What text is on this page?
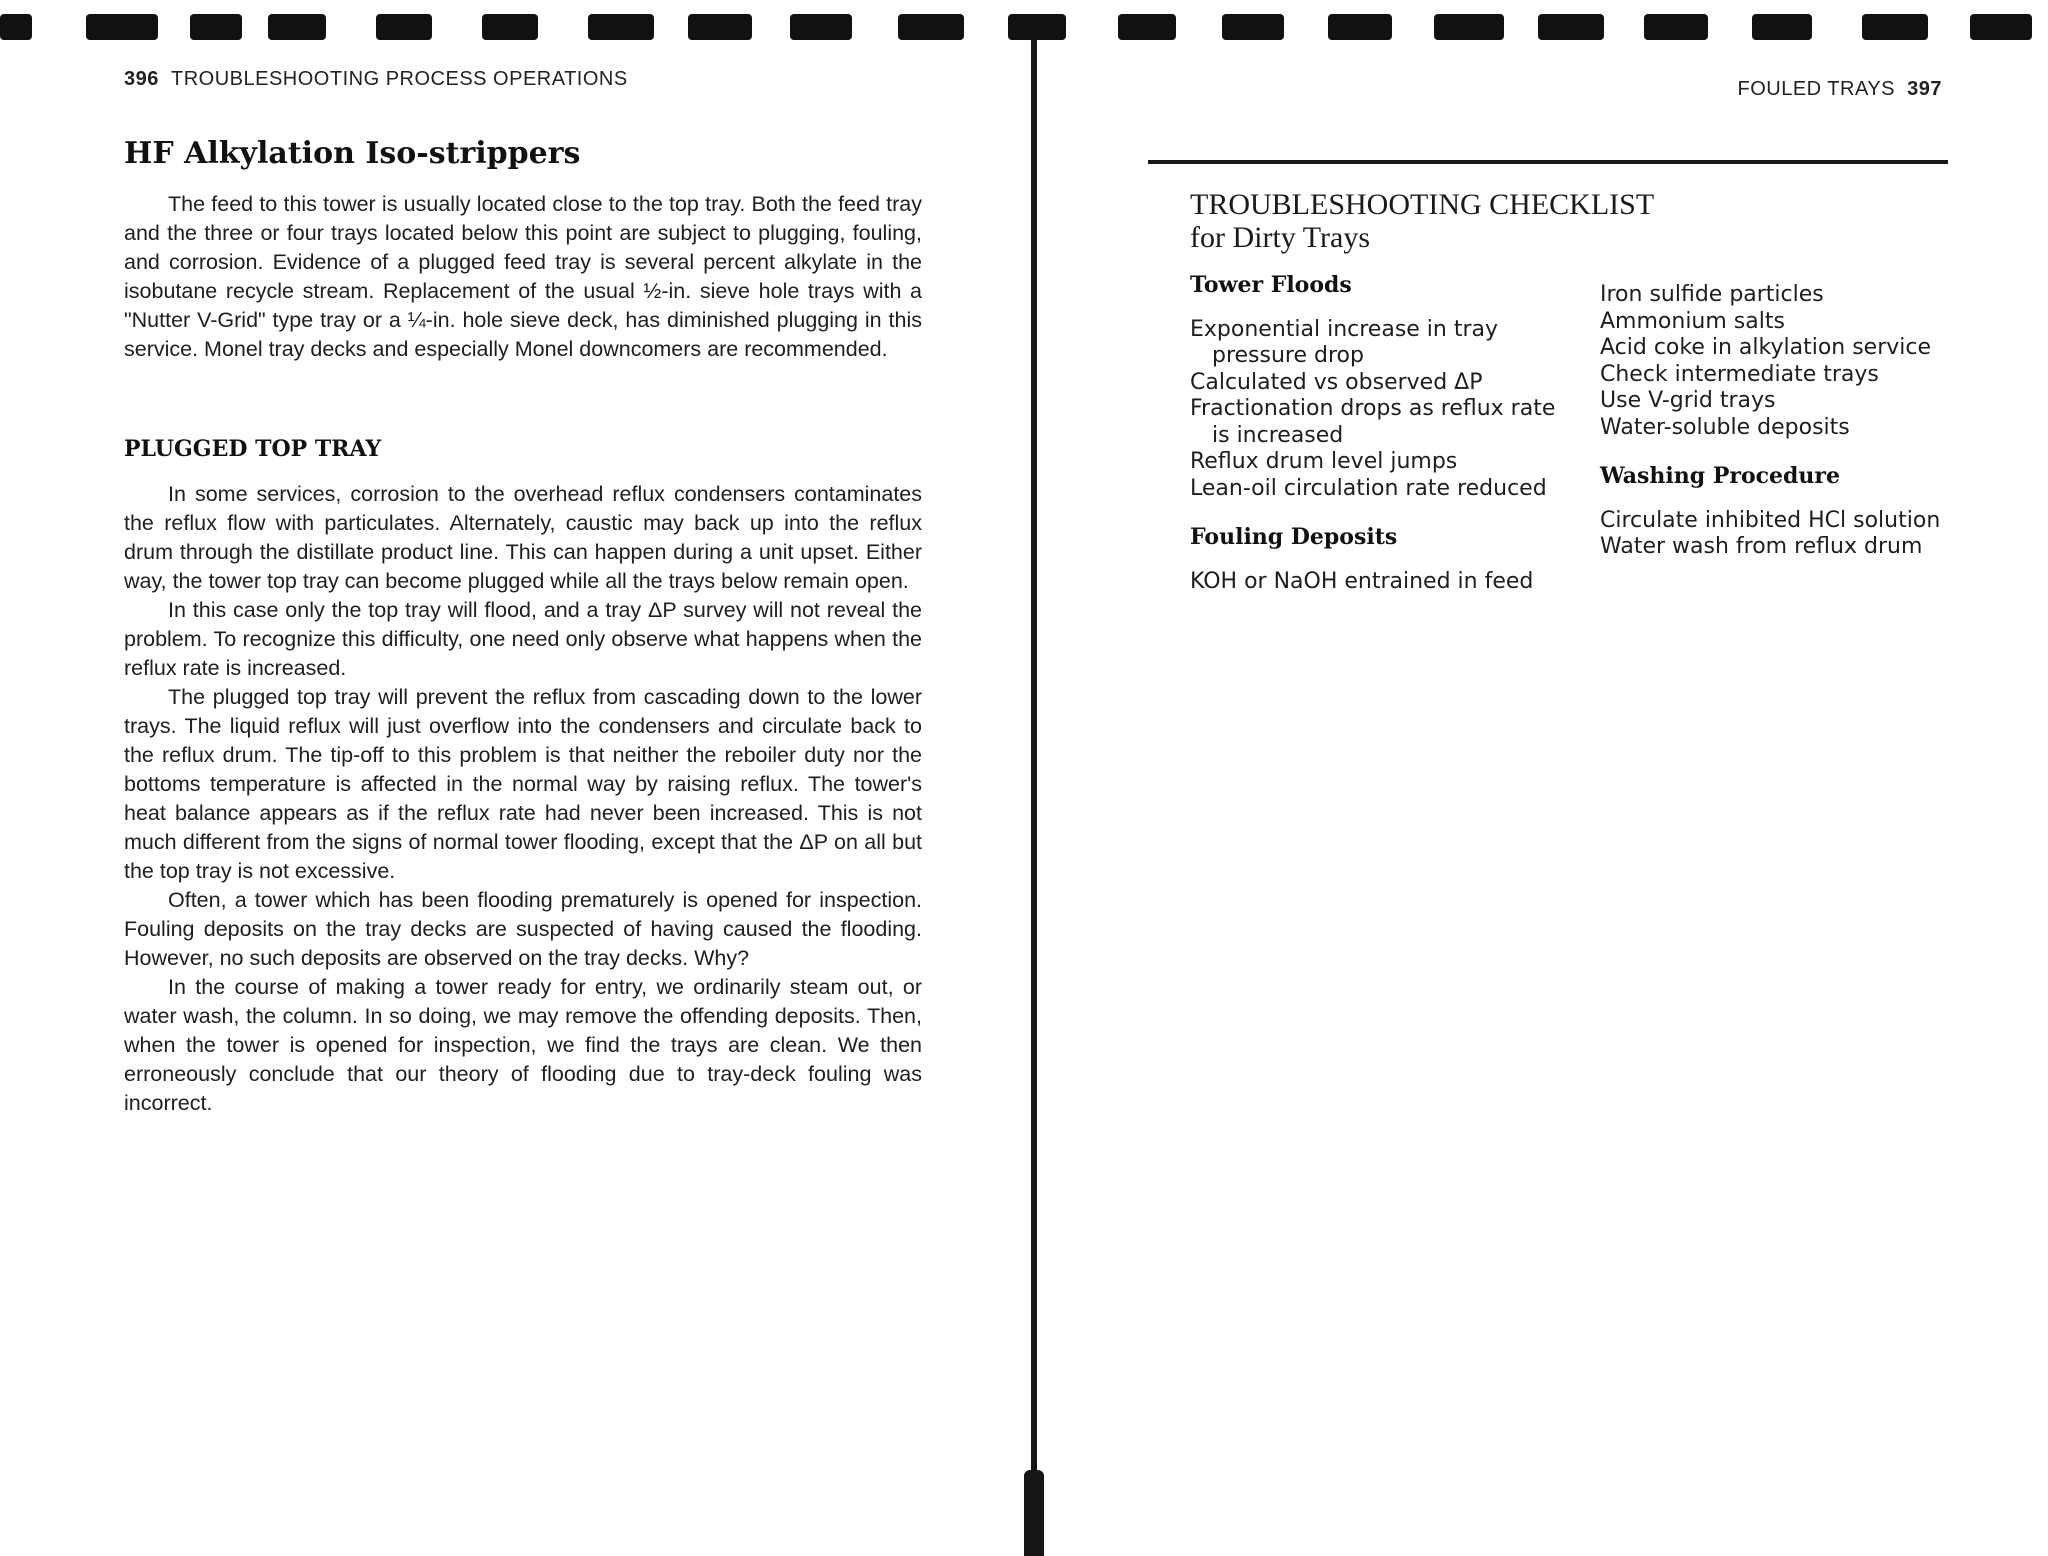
396 TROUBLESHOOTING PROCESS OPERATIONS
HF Alkylation Iso-strippers

The feed to this tower is usually located close to the top tray. Both the feed tray and the three or four trays located below this point are subject to plugging, fouling, and corrosion. Evidence of a plugged feed tray is several percent alkylate in the isobutane recycle stream. Replacement of the usual ½-in. sieve hole trays with a "Nutter V-Grid" type tray or a ¼-in. hole sieve deck, has diminished plugging in this service. Monel tray decks and especially Monel downcomers are recommended.

PLUGGED TOP TRAY

In some services, corrosion to the overhead reflux condensers contaminates the reflux flow with particulates. Alternately, caustic may back up into the reflux drum through the distillate product line. This can happen during a unit upset. Either way, the tower top tray can become plugged while all the trays below remain open.

In this case only the top tray will flood, and a tray ΔP survey will not reveal the problem. To recognize this difficulty, one need only observe what happens when the reflux rate is increased.

The plugged top tray will prevent the reflux from cascading down to the lower trays. The liquid reflux will just overflow into the condensers and circulate back to the reflux drum. The tip-off to this problem is that neither the reboiler duty nor the bottoms temperature is affected in the normal way by raising reflux. The tower's heat balance appears as if the reflux rate had never been increased. This is not much different from the signs of normal tower flooding, except that the ΔP on all but the top tray is not excessive.

Often, a tower which has been flooding prematurely is opened for inspection. Fouling deposits on the tray decks are suspected of having caused the flooding. However, no such deposits are observed on the tray decks. Why?

In the course of making a tower ready for entry, we ordinarily steam out, or water wash, the column. In so doing, we may remove the offending deposits. Then, when the tower is opened for inspection, we find the trays are clean. We then erroneously conclude that our theory of flooding due to tray-deck fouling was incorrect.

FOULED TRAYS 397
TROUBLESHOOTING CHECKLIST
for Dirty Trays
Tower Floods
Exponential increase in tray pressure drop
Calculated vs observed ΔP
Fractionation drops as reflux rate is increased
Reflux drum level jumps
Lean-oil circulation rate reduced
Fouling Deposits
KOH or NaOH entrained in feed
Iron sulfide particles
Ammonium salts
Acid coke in alkylation service
Check intermediate trays
Use V-grid trays
Water-soluble deposits
Washing Procedure
Circulate inhibited HCl solution
Water wash from reflux drum
